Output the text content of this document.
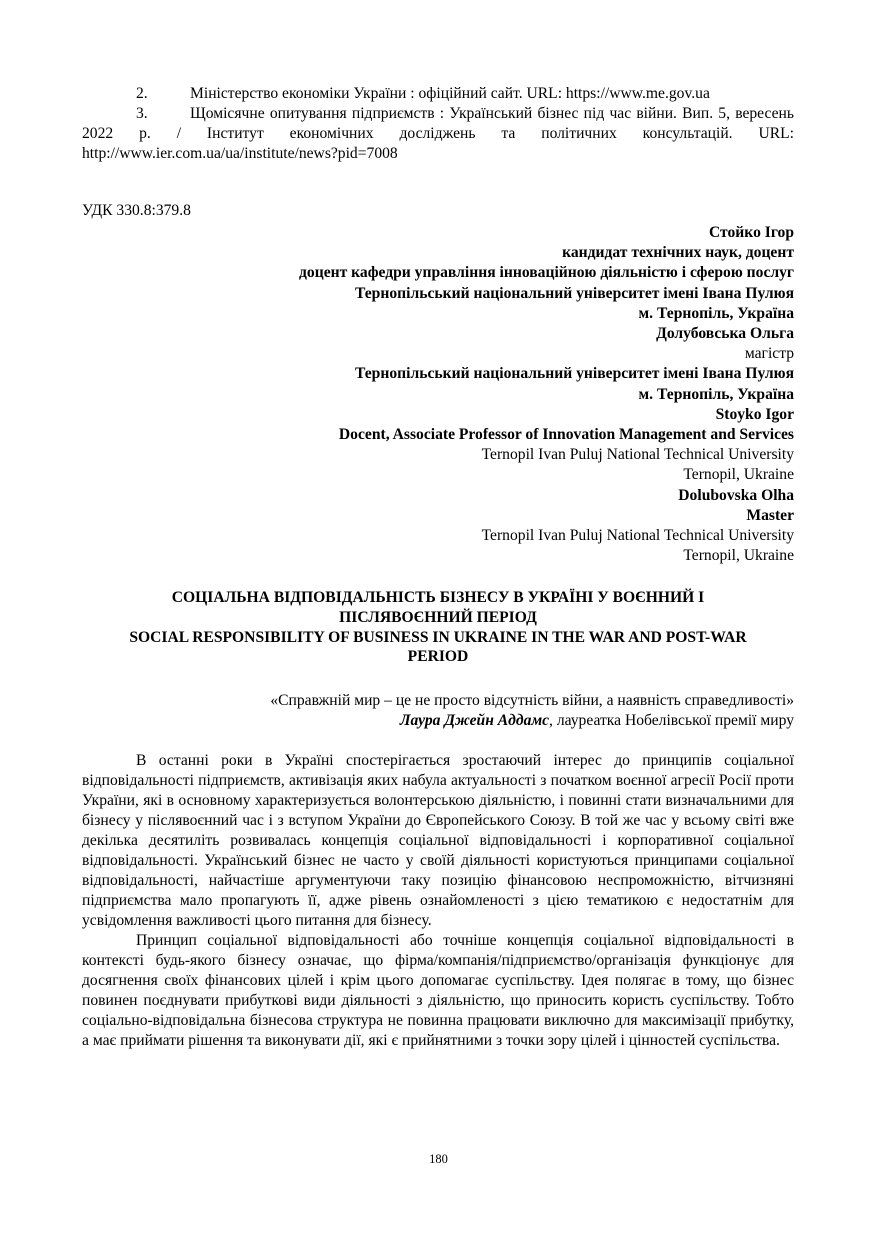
2.	Міністерство економіки України : офіційний сайт. URL: https://www.me.gov.ua
3.	Щомісячне опитування підприємств : Український бізнес під час війни. Вип. 5, вересень 2022 р. / Інститут економічних досліджень та політичних консультацій. URL: http://www.ier.com.ua/ua/institute/news?pid=7008
УДК 330.8:379.8
Стойко Ігор
кандидат технічних наук, доцент
доцент кафедри управління інноваційною діяльністю і сферою послуг
Тернопільський національний університет імені Івана Пулюя
м. Тернопіль, Україна
Долубовська Ольга
магістр
Тернопільський національний університет імені Івана Пулюя
м. Тернопіль, Україна
Stoyko Igor
Docent, Associate Professor of Innovation Management and Services
Ternopil Ivan Puluj National Technical University
Ternopil, Ukraine
Dolubovska Olha
Master
Ternopil Ivan Puluj National Technical University
Ternopil, Ukraine
СОЦІАЛЬНА ВІДПОВІДАЛЬНІСТЬ БІЗНЕСУ В УКРАЇНІ У ВОЄННИЙ І
ПІСЛЯВОЄННИЙ ПЕРІОД
SOCIAL RESPONSIBILITY OF BUSINESS IN UKRAINE IN THE WAR AND POST-WAR
PERIOD
«Справжній мир – це не просто відсутність війни, а наявність справедливості»
Лаура Джейн Аддамс, лауреатка Нобелівської премії миру
В останні роки в Україні спостерігається зростаючий інтерес до принципів соціальної відповідальності підприємств, активізація яких набула актуальності з початком воєнної агресії Росії проти України, які в основному характеризується волонтерською діяльністю, і повинні стати визначальними для бізнесу у післявоєнний час і з вступом України до Європейського Союзу. В той же час у всьому світі вже декілька десятиліть розвивалась концепція соціальної відповідальності і корпоративної соціальної відповідальності. Український бізнес не часто у своїй діяльності користуються принципами соціальної відповідальності, найчастіше аргументуючи таку позицію фінансовою неспроможністю, вітчизняні підприємства мало пропагують її, адже рівень ознайомленості з цією тематикою є недостатнім для усвідомлення важливості цього питання для бізнесу.
Принцип соціальної відповідальності або точніше концепція соціальної відповідальності в контексті будь-якого бізнесу означає, що фірма/компанія/підприємство/організація функціонує для досягнення своїх фінансових цілей і крім цього допомагає суспільству. Ідея полягає в тому, що бізнес повинен поєднувати прибуткові види діяльності з діяльністю, що приносить користь суспільству. Тобто соціально-відповідальна бізнесова структура не повинна працювати виключно для максимізації прибутку, а має приймати рішення та виконувати дії, які є прийнятними з точки зору цілей і цінностей суспільства.
180
